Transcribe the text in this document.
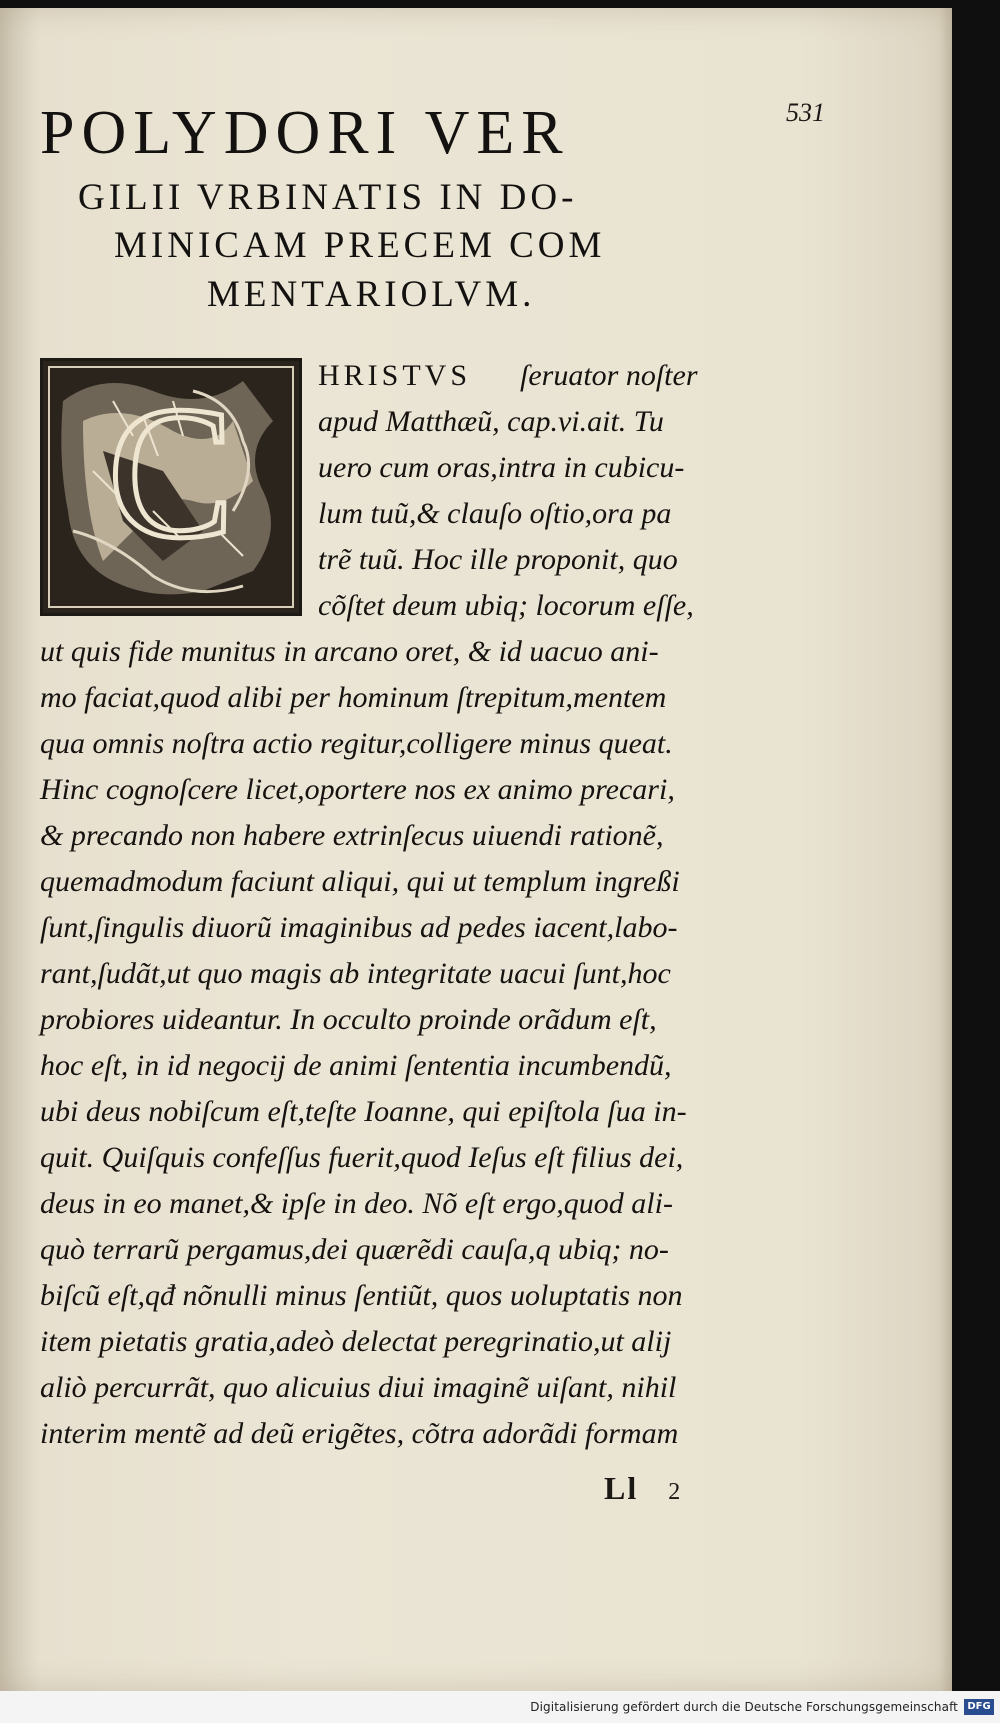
531
POLYDORI VER
GILII VRBINATIS IN DO-
MINICAM PRECEM COM
MENTARIOLVM.
C	HRISTVS ſeruator noſter
apud Matthæũ, cap.vi.ait. Tu
uero cum oras,intra in cubicu-
lum tuũ,& clauſo oſtio,ora pa
trẽ tuũ. Hoc ille proponit, quo
cõſtet deum ubiq; locorum eſſe,
ut quis fide munitus in arcano oret, & id uacuo ani-
mo faciat,quod alibi per hominum ſtrepitum,mentem
qua omnis noſtra actio regitur,colligere minus queat.
Hinc cognoſcere licet,oportere nos ex animo precari,
& precando non habere extrinſecus uiuendi rationẽ,
quemadmodum faciunt aliqui, qui ut templum ingreßi
ſunt,ſingulis diuorũ imaginibus ad pedes iacent,labo-
rant,ſudãt,ut quo magis ab integritate uacui ſunt,hoc
probiores uideantur. In occulto proinde orãdum eſt,
hoc eſt, in id negocij de animi ſententia incumbendũ,
ubi deus nobiſcum eſt,teſte Ioanne, qui epiſtola ſua in-
quit. Quiſquis confeſſus fuerit,quod Ieſus eſt filius dei,
deus in eo manet,& ipſe in deo. Nõ eſt ergo,quod ali-
quò terrarũ pergamus,dei quærẽdi cauſa,q ubiq; no-
biſcũ eſt,qđ nõnulli minus ſentiũt, quos uoluptatis non
item pietatis gratia,adeò delectat peregrinatio,ut alij
aliò percurrãt, quo alicuius diui imaginẽ uiſant, nihil
interim mentẽ ad deũ erigẽtes, cõtra adorãdi formam
Ll 2
Digitalisierung gefördert durch die Deutsche Forschungsgemeinschaft DFG
